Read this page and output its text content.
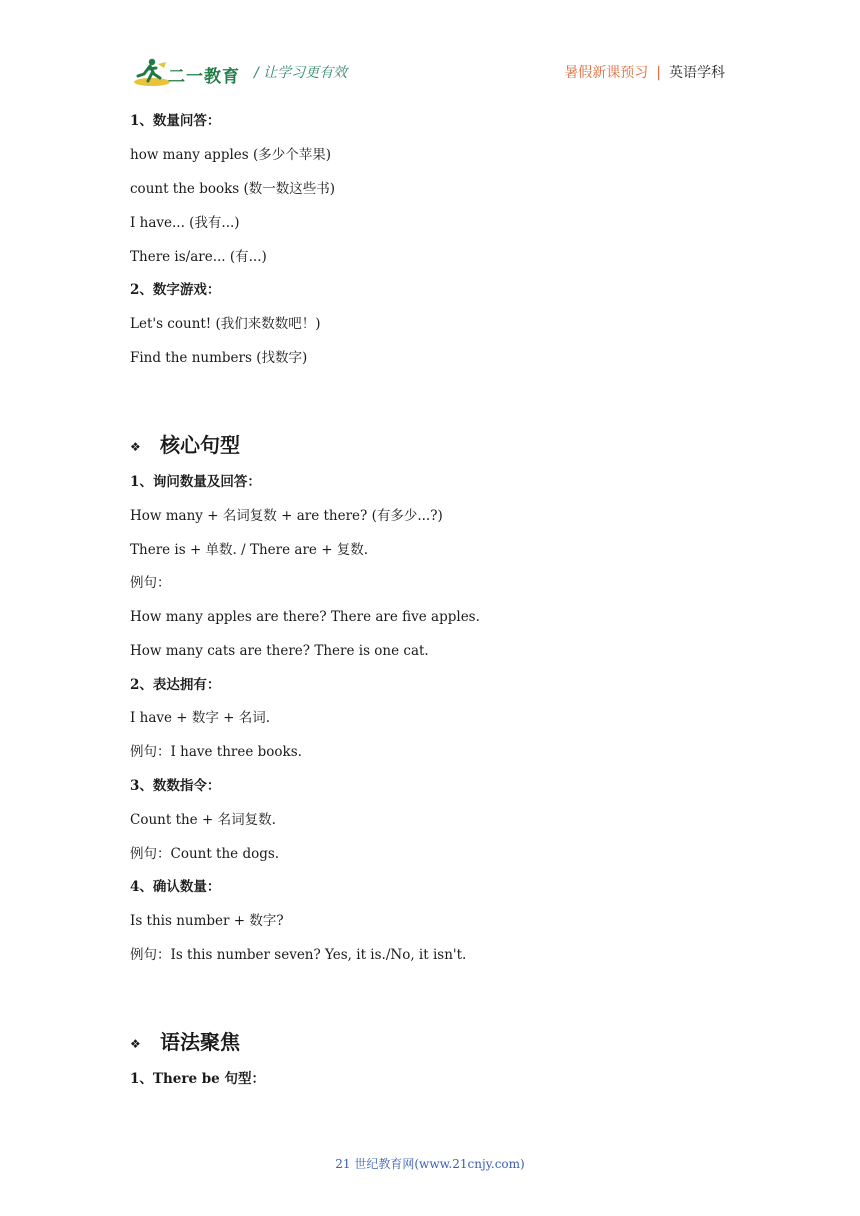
二一教育 / 让学习更有效	暑假新课预习 | 英语学科
1、数量问答：
how many apples (多少个苹果)
count the books (数一数这些书)
I have... (我有...)
There is/are... (有...)
2、数字游戏：
Let's count! (我们来数数吧！)
Find the numbers (找数字)
❖ 核心句型
1、询问数量及回答：
How many + 名词复数 + are there? (有多少...?)
There is + 单数. / There are + 复数.
例句：
How many apples are there? There are five apples.
How many cats are there? There is one cat.
2、表达拥有：
I have + 数字 + 名词.
例句：I have three books.
3、数数指令：
Count the + 名词复数.
例句：Count the dogs.
4、确认数量：
Is this number + 数字?
例句：Is this number seven? Yes, it is./No, it isn't.
❖ 语法聚焦
1、There be 句型：
21 世纪教育网(www.21cnjy.com)
